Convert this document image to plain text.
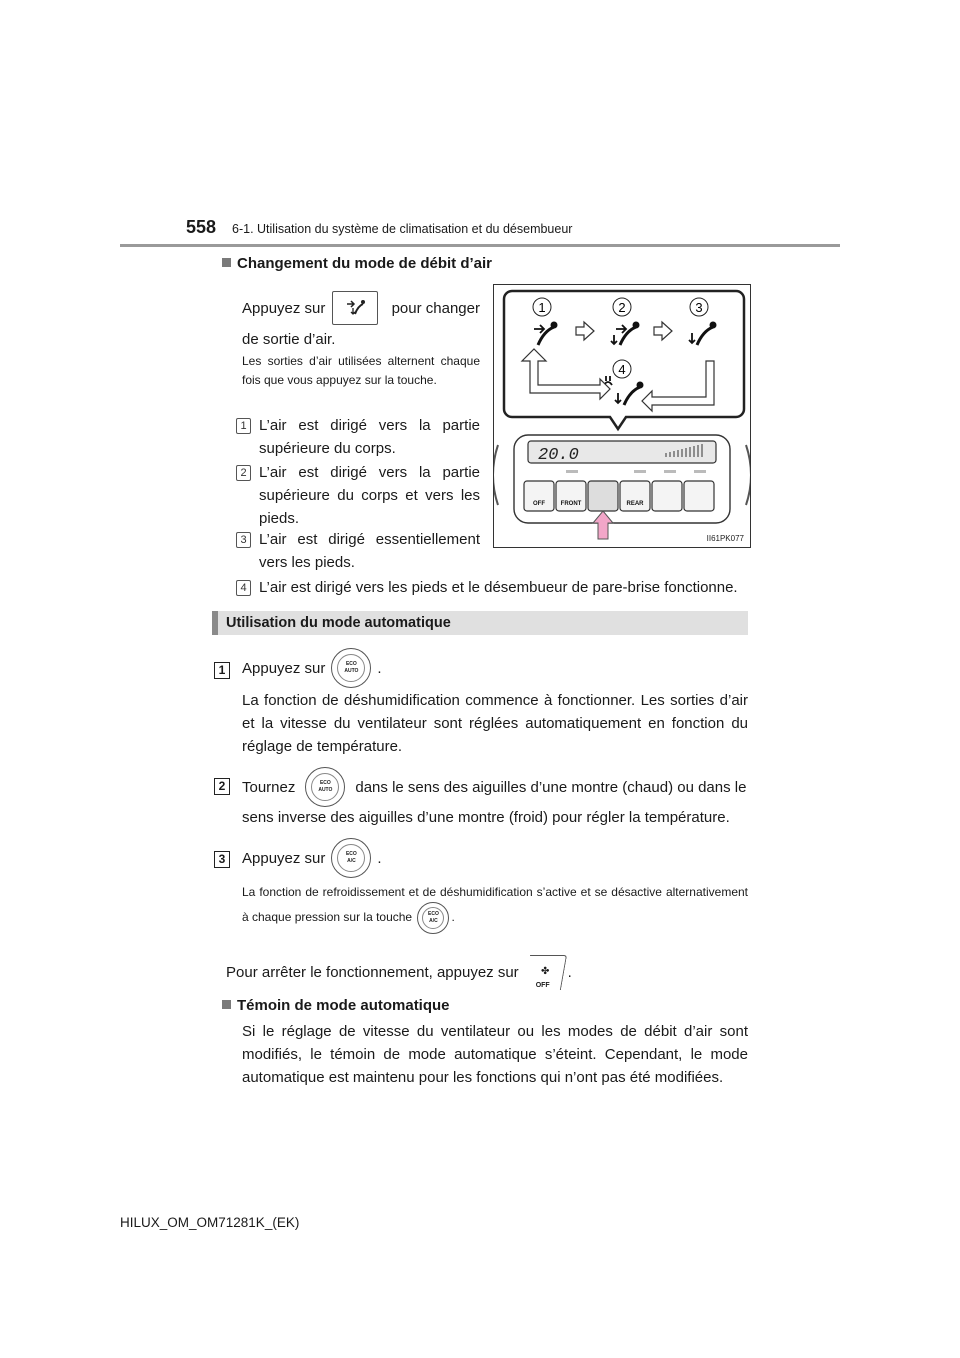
558 6-1. Utilisation du système de climatisation et du désembueur
Changement du mode de débit d’air
Appuyez sur	pour changer
de sortie d’air.
Les sorties d’air utilisées alternent chaque fois que vous appuyez sur la touche.
1 L’air est dirigé vers la partie supérieure du corps.
2 L’air est dirigé vers la partie supérieure du corps et vers les pieds.
3 L’air est dirigé essentiellement vers les pieds.
4 L’air est dirigé vers les pieds et le désembueur de pare-brise fonctionne.
1	2	3
4
20.0
OFF	FRONT	REAR
II61PK077
Utilisation du mode automatique
1	Appuyez sur	ECO
AUTO .
La fonction de déshumidification commence à fonctionner. Les sorties d’air et la vitesse du ventilateur sont réglées automatiquement en fonction du réglage de température.
2	Tournez	ECO
AUTO dans le sens des aiguilles d’une montre (chaud) ou dans le
sens inverse des aiguilles d’une montre (froid) pour régler la température.
3	Appuyez sur	ECO
A/C .
La fonction de refroidissement et de déshumidification s’active et se désactive alternativement à chaque pression sur la touche	ECO
A/C .
Pour arrêter le fonctionnement, appuyez sur	✤
OFF
.
Témoin de mode automatique
Si le réglage de vitesse du ventilateur ou les modes de débit d’air sont modifiés, le témoin de mode automatique s’éteint. Cependant, le mode automatique est maintenu pour les fonctions qui n’ont pas été modifiées.
HILUX_OM_OM71281K_(EK)
